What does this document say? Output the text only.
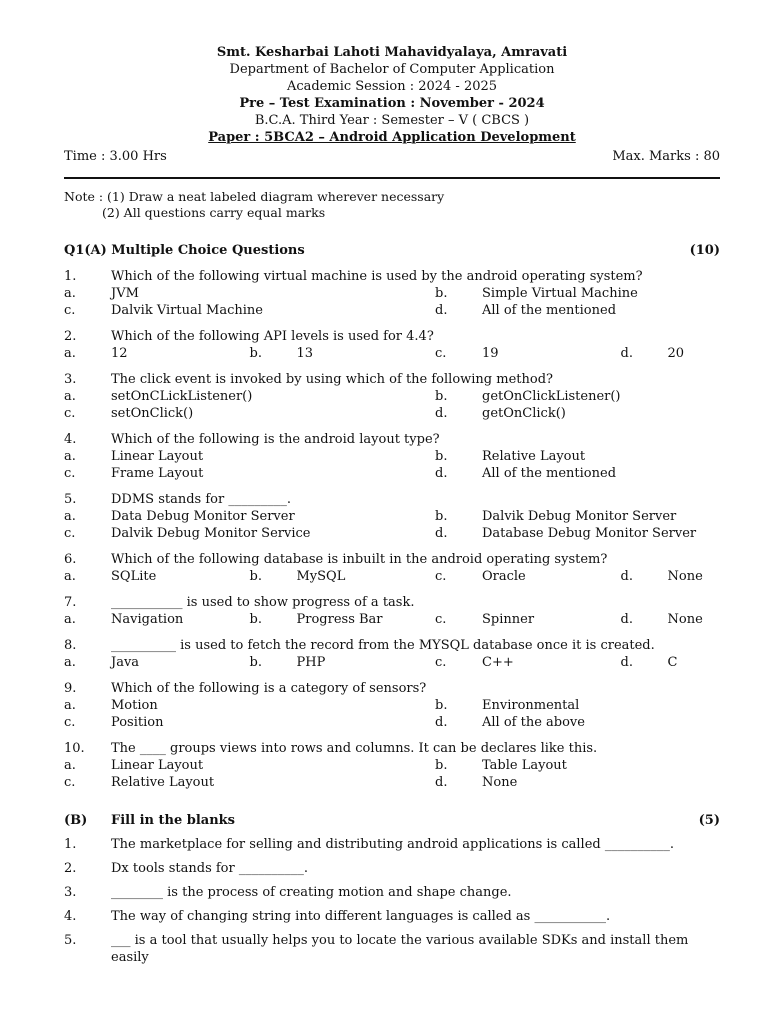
Smt. Kesharbai Lahoti Mahavidyalaya, Amravati
Department of Bachelor of Computer Application
Academic Session : 2024 - 2025
Pre – Test Examination : November - 2024
B.C.A. Third Year : Semester – V ( CBCS )
Paper : 5BCA2 – Android Application Development
Time : 3.00 Hrs	Max. Marks : 80
Note : (1) Draw a neat labeled diagram wherever necessary
(2) All questions carry equal marks
Q1(A) Multiple Choice Questions	(10)
1.	Which of the following virtual machine is used by the android operating system?
a.	JVM	b.	Simple Virtual Machine
c.	Dalvik Virtual Machine	d.	All of the mentioned
2.	Which of the following API levels is used for 4.4?
a.	12	b.	13	c.	19	d.	20
3.	The click event is invoked by using which of the following method?
a.	setOnCLickListener()	b.	getOnClickListener()
c.	setOnClick()	d.	getOnClick()
4.	Which of the following is the android layout type?
a.	Linear Layout	b.	Relative Layout
c.	Frame Layout	d.	All of the mentioned
5.	DDMS stands for _________.
a.	Data Debug Monitor Server	b.	Dalvik Debug Monitor Server
c.	Dalvik Debug Monitor Service	d.	Database Debug Monitor Server
6.	Which of the following database is inbuilt in the android operating system?
a.	SQLite	b.	MySQL	c.	Oracle	d.	None
7.	___________ is used to show progress of a task.
a.	Navigation	b.	Progress Bar	c.	Spinner	d.	None
8.	__________ is used to fetch the record from the MYSQL database once it is created.
a.	Java	b.	PHP	c.	C++	d.	C
9.	Which of the following is a category of sensors?
a.	Motion	b.	Environmental
c.	Position	d.	All of the above
10.	The ____ groups views into rows and columns. It can be declares like this.
a.	Linear Layout	b.	Table Layout
c.	Relative Layout	d.	None
(B)	Fill in the blanks	(5)
1.	The marketplace for selling and distributing android applications is called __________.
2.	Dx tools stands for __________.
3.	________ is the process of creating motion and shape change.
4.	The way of changing string into different languages is called as ___________.
5.	___ is a tool that usually helps you to locate the various available SDKs and install them easily
